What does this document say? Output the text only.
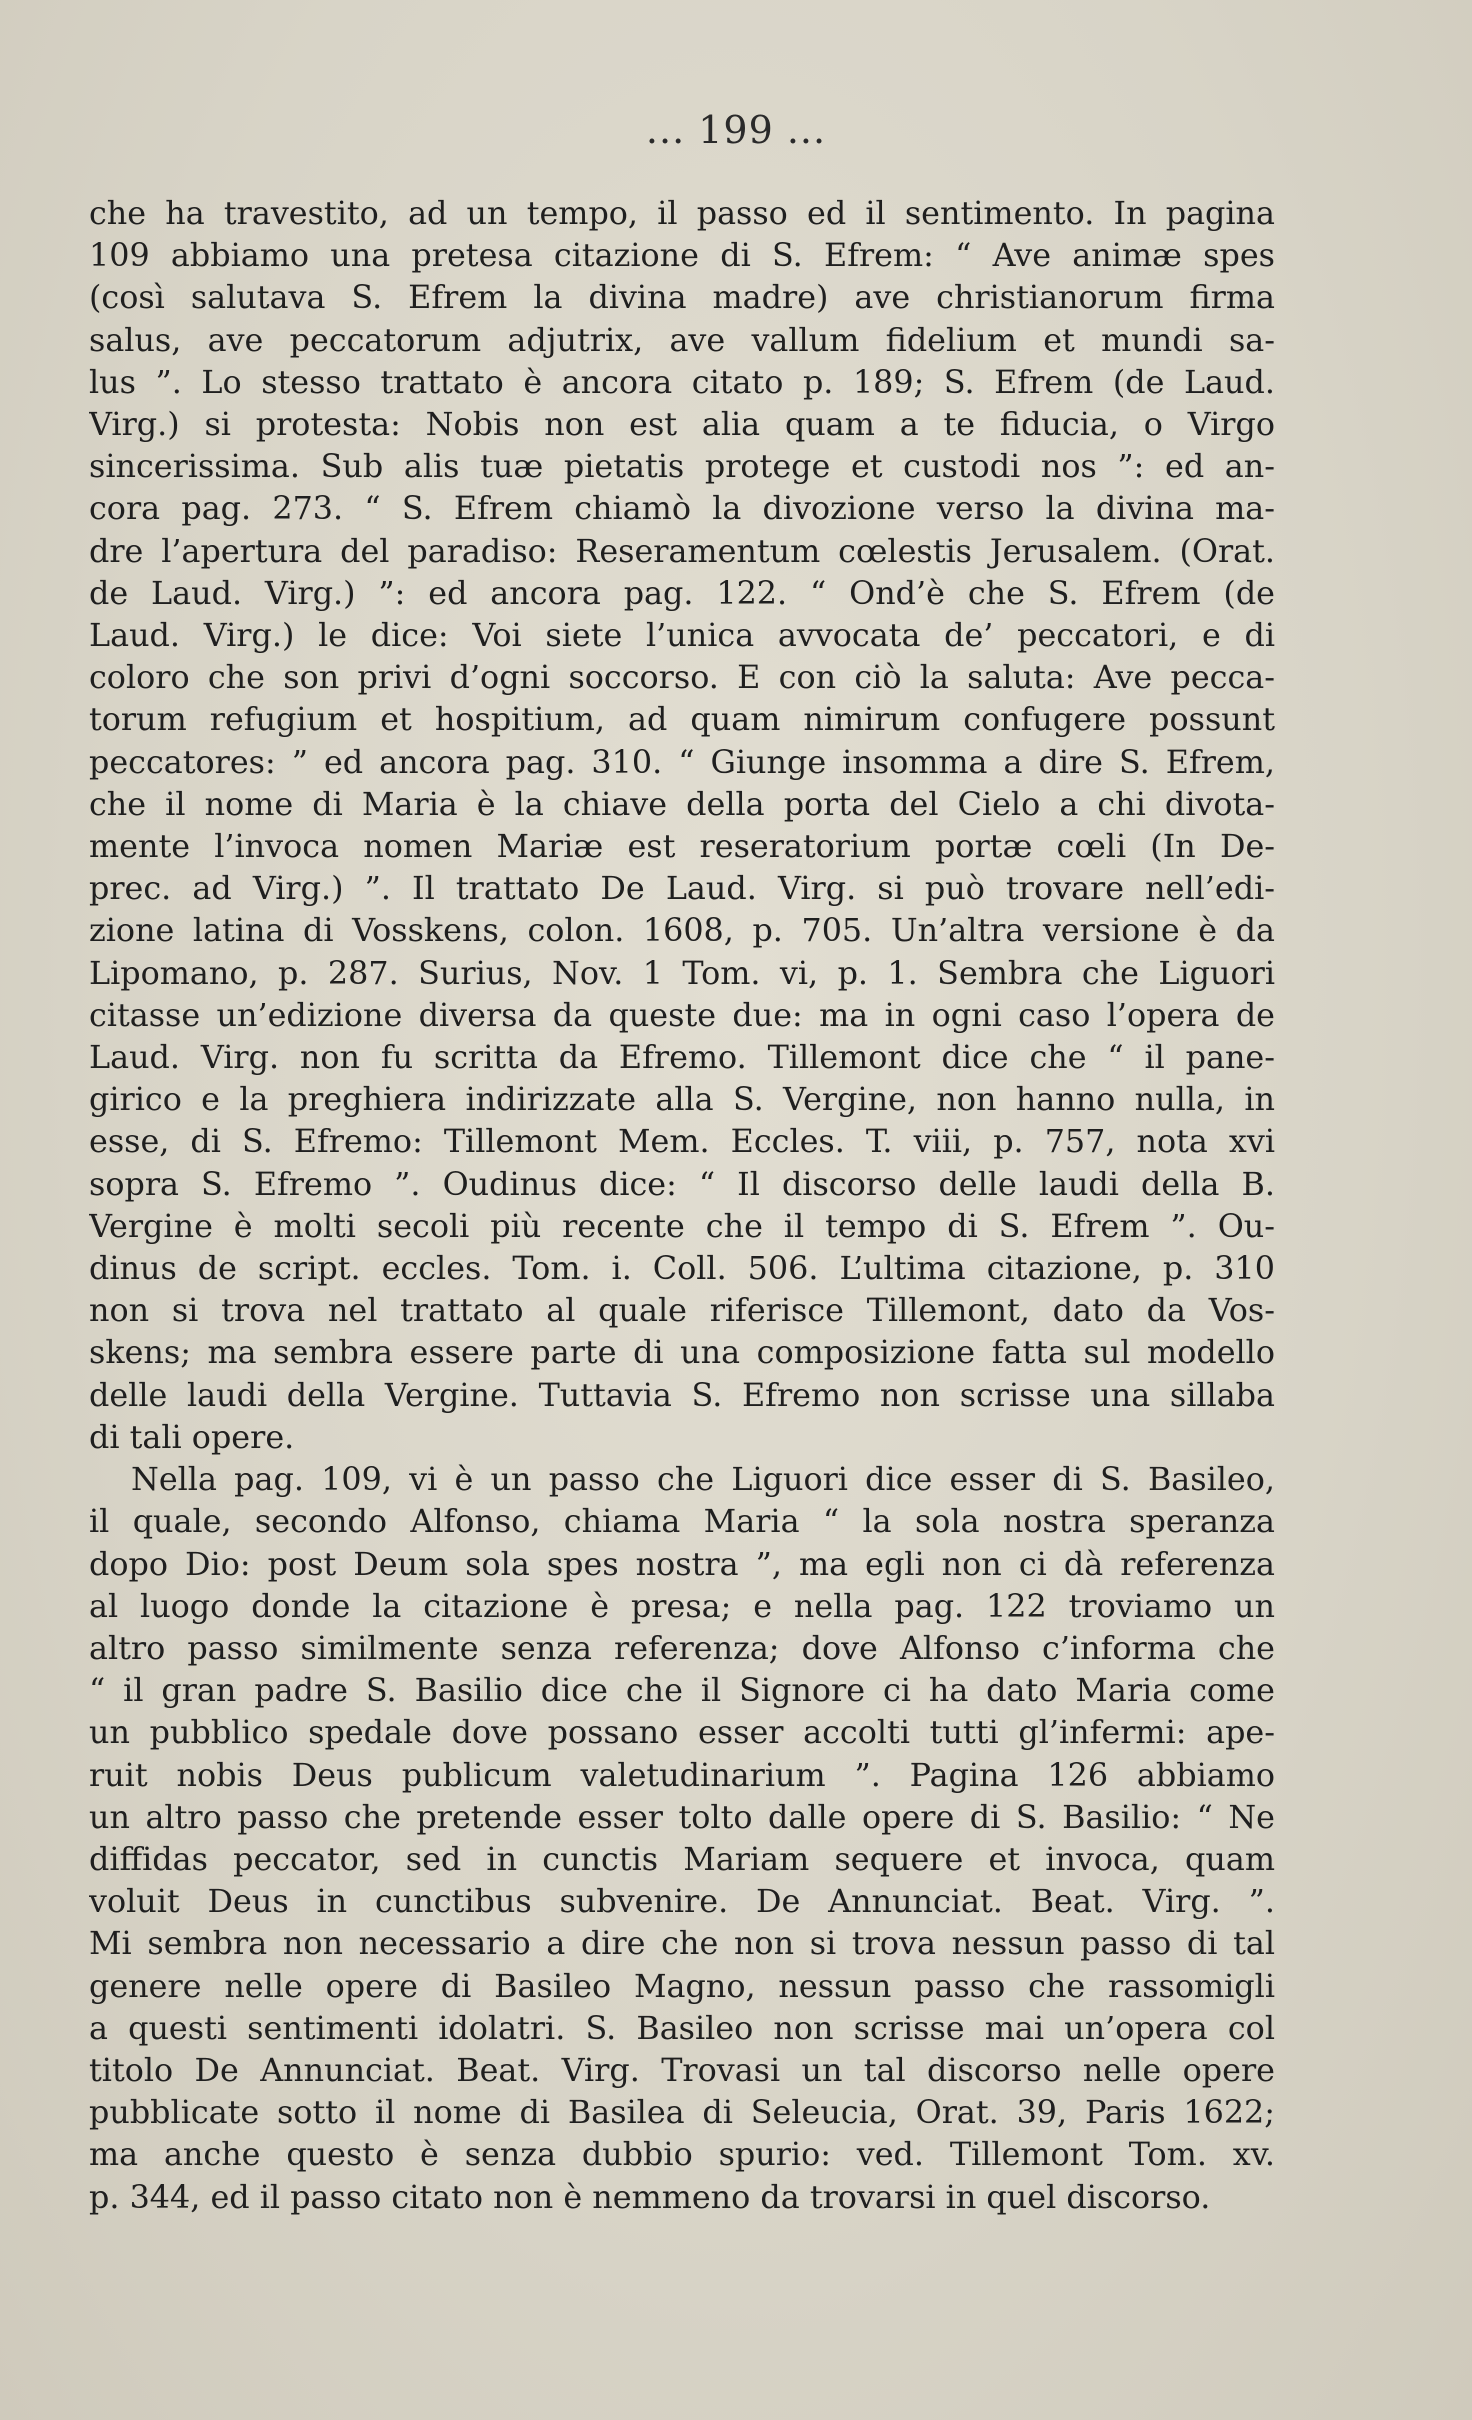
... 199 ...
che ha travestito, ad un tempo, il passo ed il sentimento. In pagina
109 abbiamo una pretesa citazione di S. Efrem: “ Ave animæ spes
(così salutava S. Efrem la divina madre) ave christianorum firma
salus, ave peccatorum adjutrix, ave vallum fidelium et mundi sa-
lus ”. Lo stesso trattato è ancora citato p. 189; S. Efrem (de Laud.
Virg.) si protesta: Nobis non est alia quam a te fiducia, o Virgo
sincerissima. Sub alis tuæ pietatis protege et custodi nos ”: ed an-
cora pag. 273. “ S. Efrem chiamò la divozione verso la divina ma-
dre l’apertura del paradiso: Reseramentum cœlestis Jerusalem. (Orat.
de Laud. Virg.) ”: ed ancora pag. 122. “ Ond’è che S. Efrem (de
Laud. Virg.) le dice: Voi siete l’unica avvocata de’ peccatori, e di
coloro che son privi d’ogni soccorso. E con ciò la saluta: Ave pecca-
torum refugium et hospitium, ad quam nimirum confugere possunt
peccatores: ” ed ancora pag. 310. “ Giunge insomma a dire S. Efrem,
che il nome di Maria è la chiave della porta del Cielo a chi divota-
mente l’invoca nomen Mariæ est reseratorium portæ cœli (In De-
prec. ad Virg.) ”. Il trattato De Laud. Virg. si può trovare nell’edi-
zione latina di Vosskens, colon. 1608, p. 705. Un’altra versione è da
Lipomano, p. 287. Surius, Nov. 1 Tom. vi, p. 1. Sembra che Liguori
citasse un’edizione diversa da queste due: ma in ogni caso l’opera de
Laud. Virg. non fu scritta da Efremo. Tillemont dice che “ il pane-
girico e la preghiera indirizzate alla S. Vergine, non hanno nulla, in
esse, di S. Efremo: Tillemont Mem. Eccles. T. viii, p. 757, nota xvi
sopra S. Efremo ”. Oudinus dice: “ Il discorso delle laudi della B.
Vergine è molti secoli più recente che il tempo di S. Efrem ”. Ou-
dinus de script. eccles. Tom. i. Coll. 506. L’ultima citazione, p. 310
non si trova nel trattato al quale riferisce Tillemont, dato da Vos-
skens; ma sembra essere parte di una composizione fatta sul modello
delle laudi della Vergine. Tuttavia S. Efremo non scrisse una sillaba
di tali opere.
Nella pag. 109, vi è un passo che Liguori dice esser di S. Basileo,
il quale, secondo Alfonso, chiama Maria “ la sola nostra speranza
dopo Dio: post Deum sola spes nostra ”, ma egli non ci dà referenza
al luogo donde la citazione è presa; e nella pag. 122 troviamo un
altro passo similmente senza referenza; dove Alfonso c’informa che
“ il gran padre S. Basilio dice che il Signore ci ha dato Maria come
un pubblico spedale dove possano esser accolti tutti gl’infermi: ape-
ruit nobis Deus publicum valetudinarium ”. Pagina 126 abbiamo
un altro passo che pretende esser tolto dalle opere di S. Basilio: “ Ne
diffidas peccator, sed in cunctis Mariam sequere et invoca, quam
voluit Deus in cunctibus subvenire. De Annunciat. Beat. Virg. ”.
Mi sembra non necessario a dire che non si trova nessun passo di tal
genere nelle opere di Basileo Magno, nessun passo che rassomigli
a questi sentimenti idolatri. S. Basileo non scrisse mai un’opera col
titolo De Annunciat. Beat. Virg. Trovasi un tal discorso nelle opere
pubblicate sotto il nome di Basilea di Seleucia, Orat. 39, Paris 1622;
ma anche questo è senza dubbio spurio: ved. Tillemont Tom. xv.
p. 344, ed il passo citato non è nemmeno da trovarsi in quel discorso.
